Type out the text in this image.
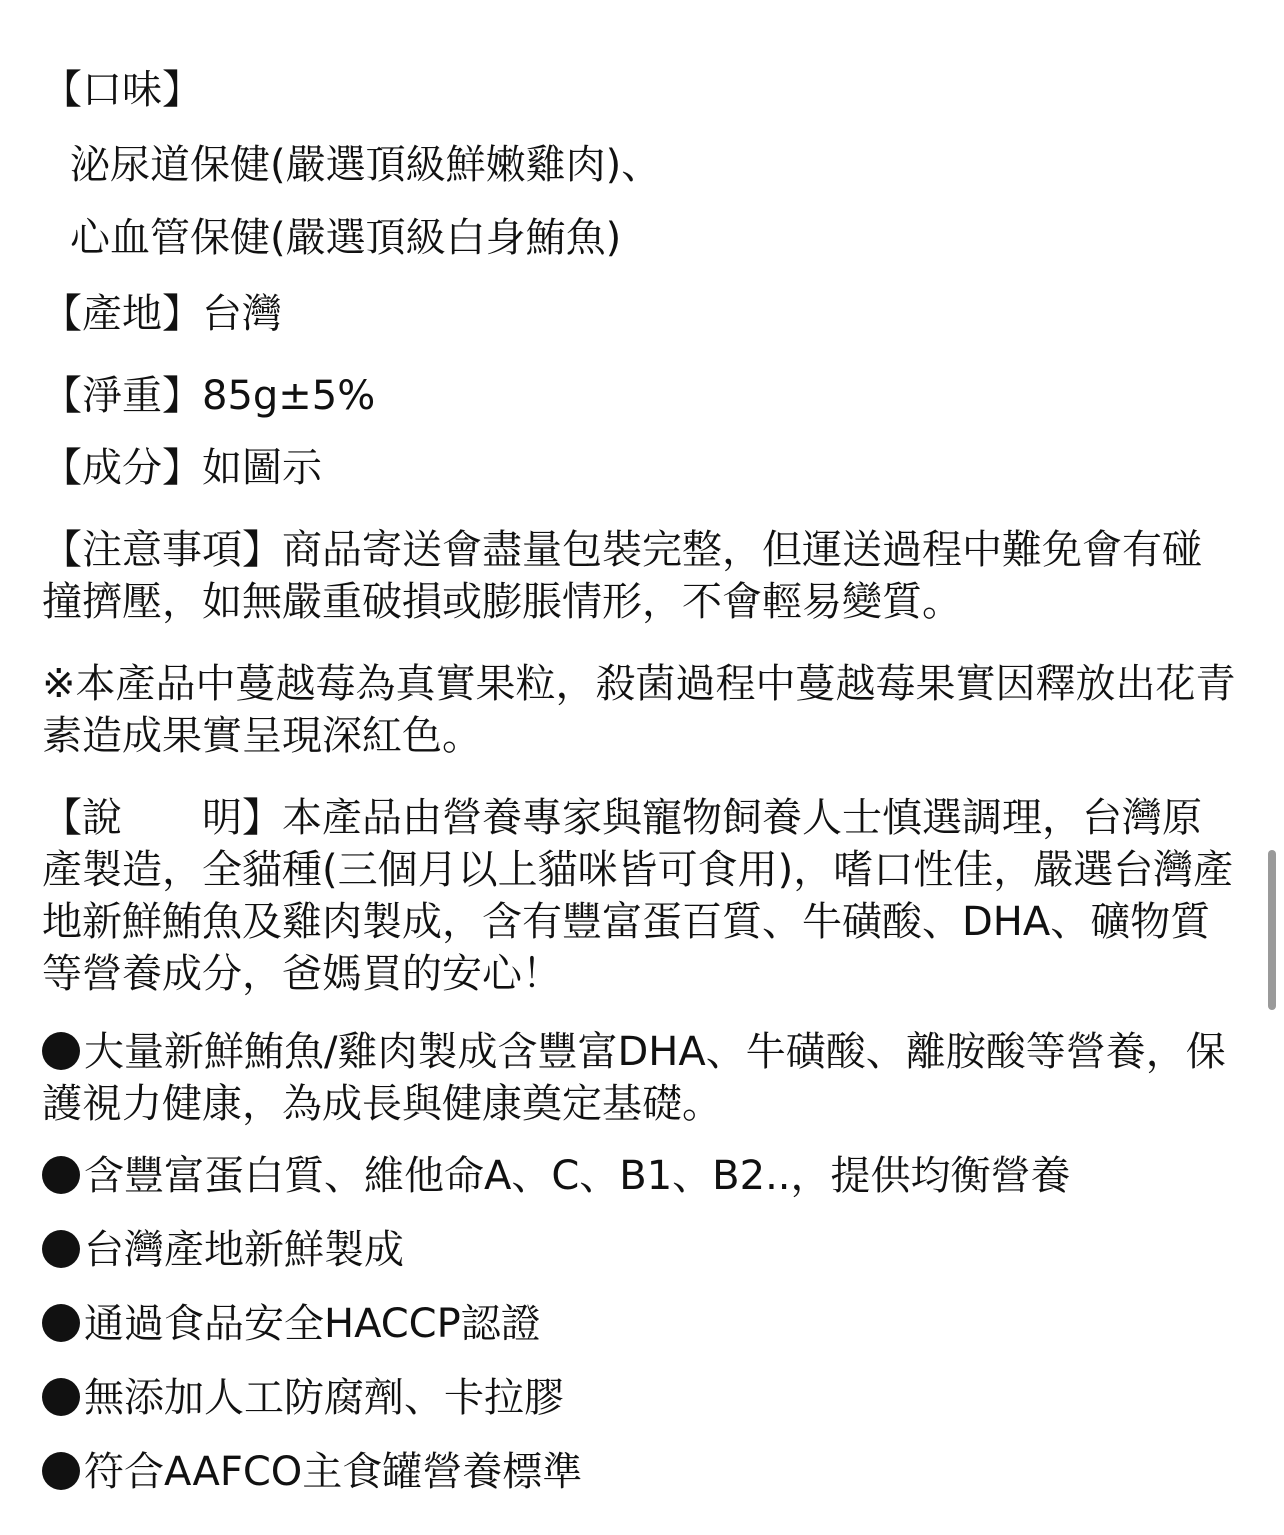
【口味】
泌尿道保健(嚴選頂級鮮嫩雞肉)、
心血管保健(嚴選頂級白身鮪魚)
【產地】台灣
【淨重】85g±5%
【成分】如圖示
【注意事項】商品寄送會盡量包裝完整，但運送過程中難免會有碰撞擠壓，如無嚴重破損或膨脹情形，不會輕易變質。
※本產品中蔓越莓為真實果粒，殺菌過程中蔓越莓果實因釋放出花青素造成果實呈現深紅色。
【說　　明】本產品由營養專家與寵物飼養人士慎選調理，台灣原產製造，全貓種(三個月以上貓咪皆可食用)，嗜口性佳，嚴選台灣產地新鮮鮪魚及雞肉製成，含有豐富蛋百質、牛磺酸、DHA、礦物質等營養成分，爸媽買的安心！
大量新鮮鮪魚/雞肉製成含豐富DHA、牛磺酸、離胺酸等營養，保護視力健康，為成長與健康奠定基礎。
含豐富蛋白質、維他命A、C、B1、B2..，提供均衡營養
台灣產地新鮮製成
通過食品安全HACCP認證
無添加人工防腐劑、卡拉膠
符合AAFCO主食罐營養標準
